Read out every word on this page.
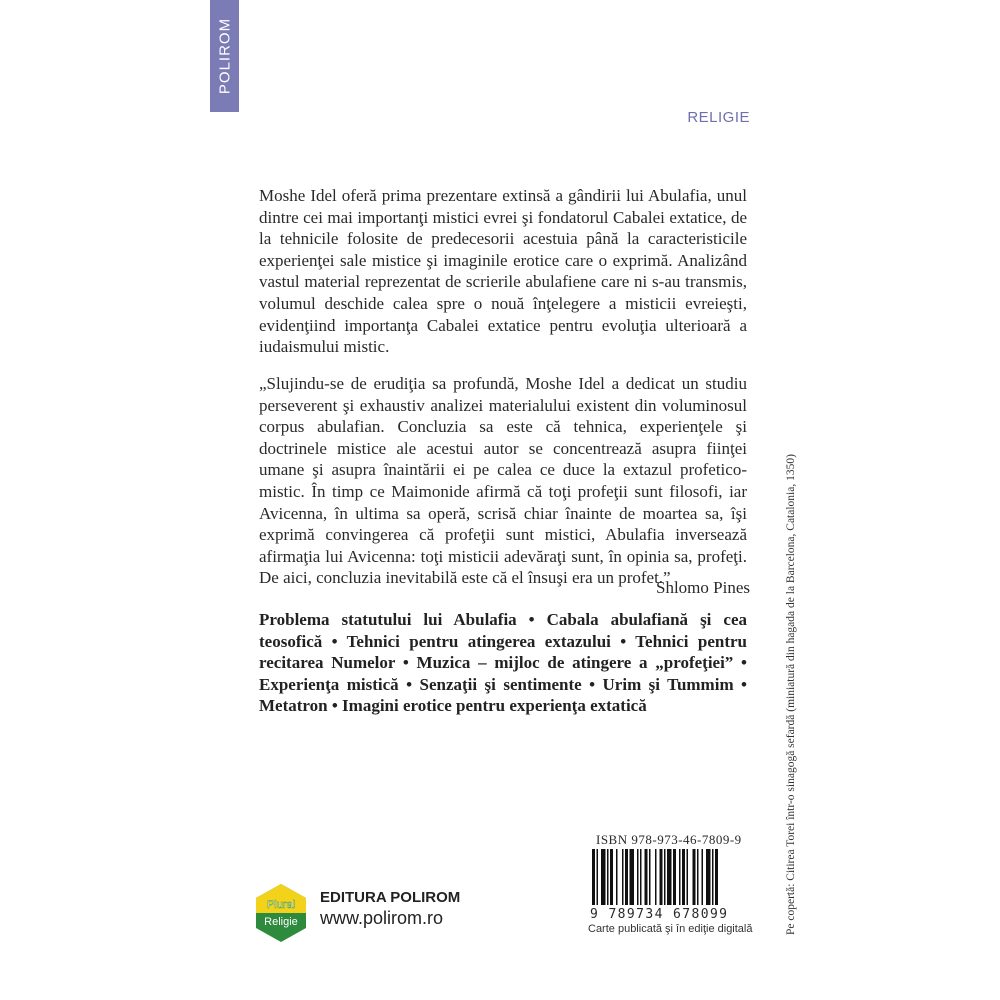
POLIROM
RELIGIE

Moshe Idel oferă prima prezentare extinsă a gândirii lui Abulafia, unul dintre cei mai importanţi mistici evrei şi fondatorul Cabalei extatice, de la tehnicile folosite de predecesorii acestuia până la caracteristicile experienţei sale mistice şi imaginile erotice care o exprimă. Analizând vastul material reprezentat de scrierile abulafiene care ni s-au transmis, volumul deschide calea spre o nouă înţelegere a misticii evreieşti, evidenţiind importanţa Cabalei extatice pentru evoluţia ulterioară a iudaismului mistic.

„Slujindu-se de erudiţia sa profundă, Moshe Idel a dedicat un studiu perseverent şi exhaustiv analizei materialului existent din voluminosul corpus abulafian. Concluzia sa este că tehnica, experienţele şi doctrinele mistice ale acestui autor se concentrează asupra fiinţei umane şi asupra înaintării ei pe calea ce duce la extazul profetico-mistic. În timp ce Maimonide afirmă că toţi profeţii sunt filosofi, iar Avicenna, în ultima sa operă, scrisă chiar înainte de moartea sa, îşi exprimă convingerea că profeţii sunt mistici, Abulafia inversează afirmaţia lui Avicenna: toţi misticii adevăraţi sunt, în opinia sa, profeţi. De aici, concluzia inevitabilă este că el însuşi era un profet.”

Shlomo Pines

Problema statutului lui Abulafia • Cabala abulafiană şi cea teosofică • Tehnici pentru atingerea extazului • Tehnici pentru recitarea Numelor • Muzica – mijloc de atingere a „profeţiei” • Experienţa mistică • Senzaţii şi sentimente • Urim şi Tummim • Metatron • Imagini erotice pentru experienţa extatică	Pe copertă: Citirea Torei într-o sinagogă sefardă (miniatură din hagada de la Barcelona, Catalonia, 1350)
Plural
Religie
EDITURA POLIROM
www.polirom.ro
ISBN 978-973-46-7809-9
9 789734 678099
Carte publicată şi în ediţie digitală
